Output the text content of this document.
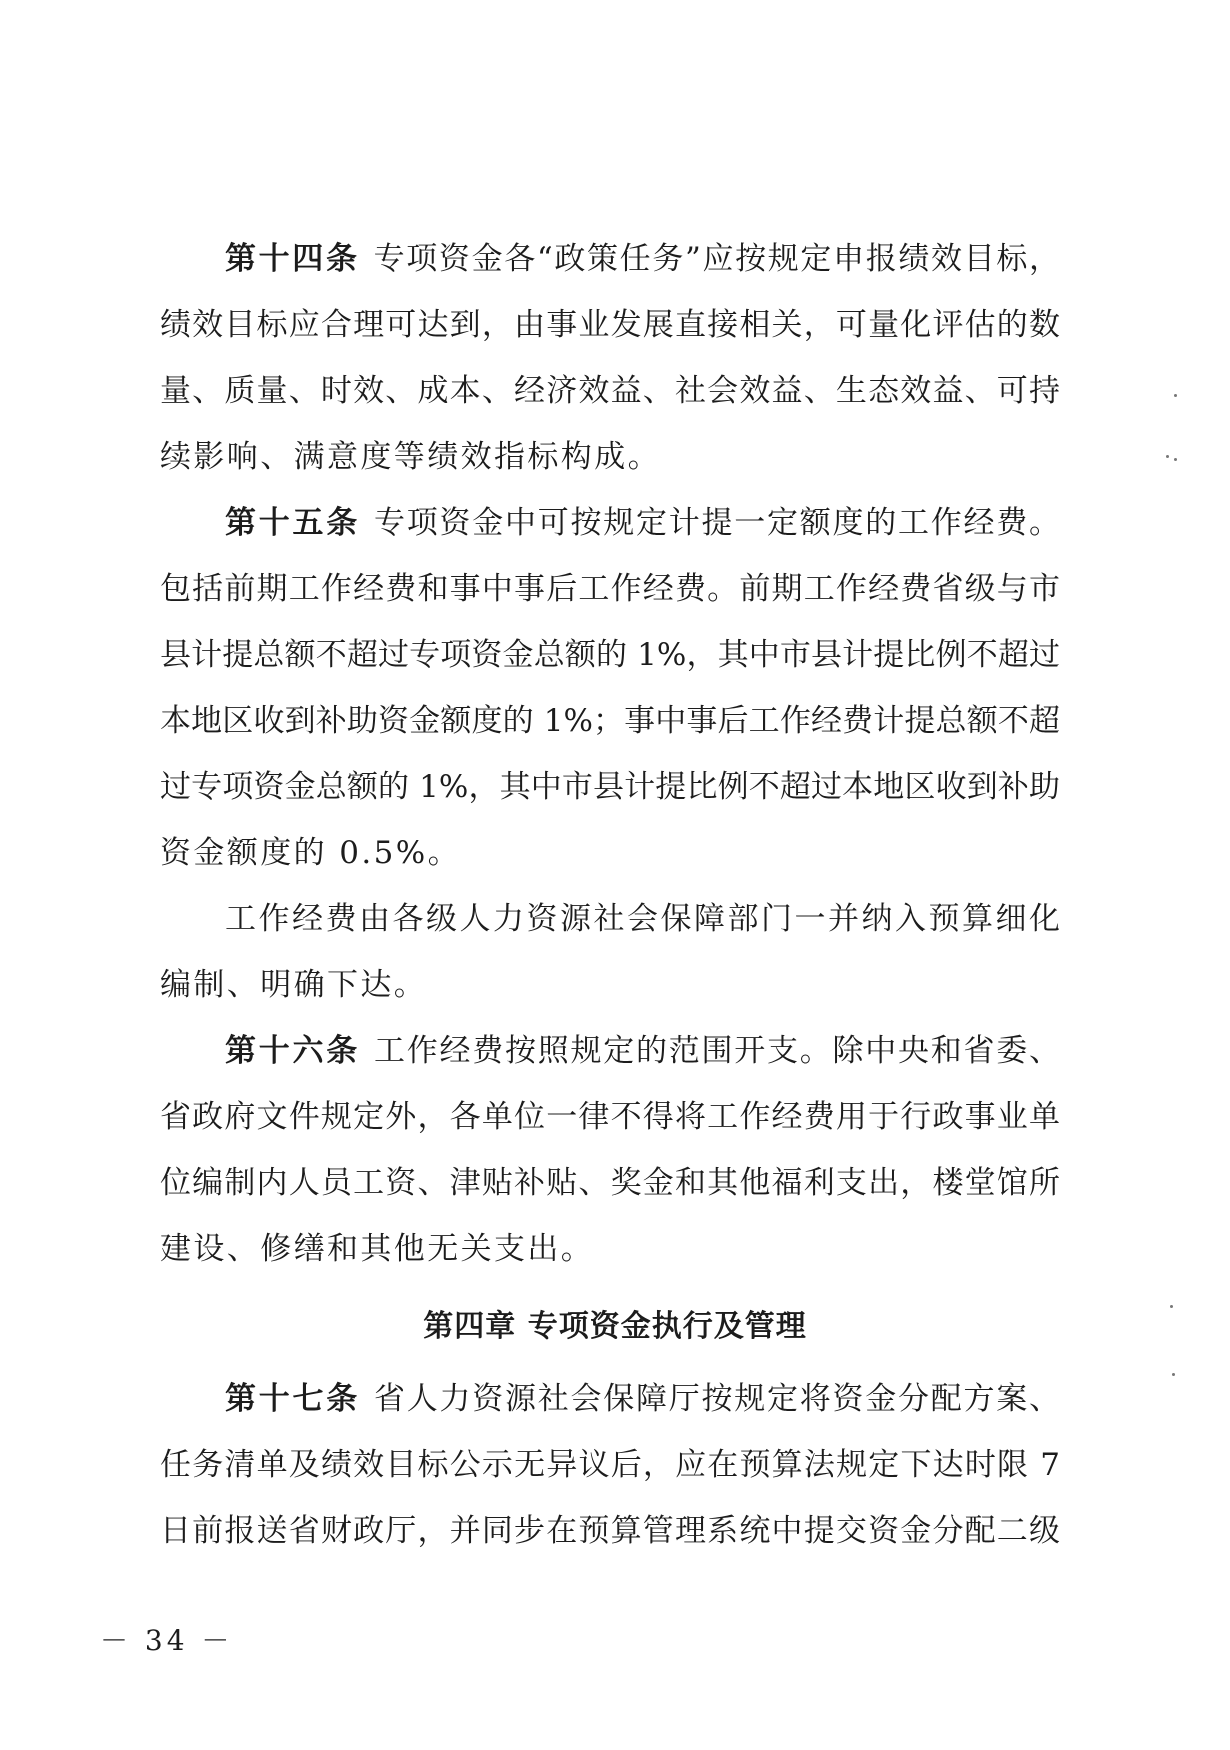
第十四条 专项资金各“政策任务”应按规定申报绩效目标，
绩效目标应合理可达到，由事业发展直接相关，可量化评估的数
量、质量、时效、成本、经济效益、社会效益、生态效益、可持
续影响、满意度等绩效指标构成。
第十五条 专项资金中可按规定计提一定额度的工作经费。
包括前期工作经费和事中事后工作经费。前期工作经费省级与市
县计提总额不超过专项资金总额的 1%，其中市县计提比例不超过
本地区收到补助资金额度的 1%；事中事后工作经费计提总额不超
过专项资金总额的 1%，其中市县计提比例不超过本地区收到补助
资金额度的 0.5%。
工作经费由各级人力资源社会保障部门一并纳入预算细化
编制、明确下达。
第十六条 工作经费按照规定的范围开支。除中央和省委、
省政府文件规定外，各单位一律不得将工作经费用于行政事业单
位编制内人员工资、津贴补贴、奖金和其他福利支出，楼堂馆所
建设、修缮和其他无关支出。
第四章 专项资金执行及管理
第十七条 省人力资源社会保障厅按规定将资金分配方案、
任务清单及绩效目标公示无异议后，应在预算法规定下达时限 7
日前报送省财政厅，并同步在预算管理系统中提交资金分配二级
－ 34 －
